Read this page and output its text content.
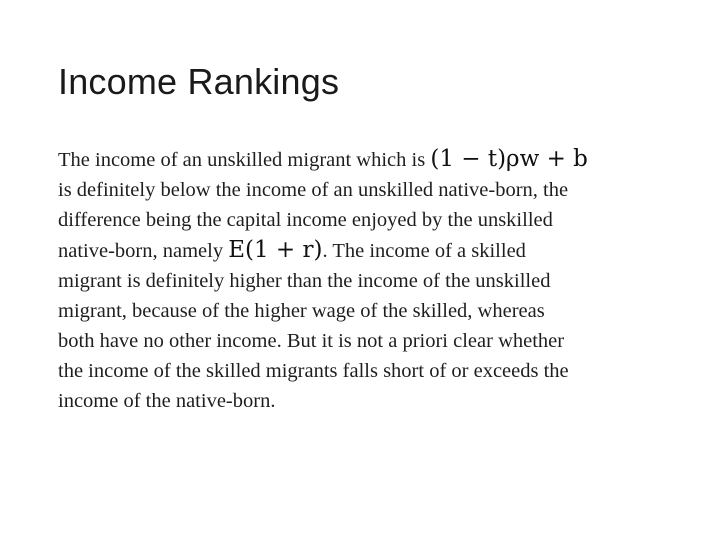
Income Rankings
The income of an unskilled migrant which is (1 − t)ρw + b
is definitely below the income of an unskilled native-born, the
difference being the capital income enjoyed by the unskilled
native-born, namely E(1 + r). The income of a skilled
migrant is definitely higher than the income of the unskilled
migrant, because of the higher wage of the skilled, whereas
both have no other income. But it is not a priori clear whether
the income of the skilled migrants falls short of or exceeds the
income of the native-born.
